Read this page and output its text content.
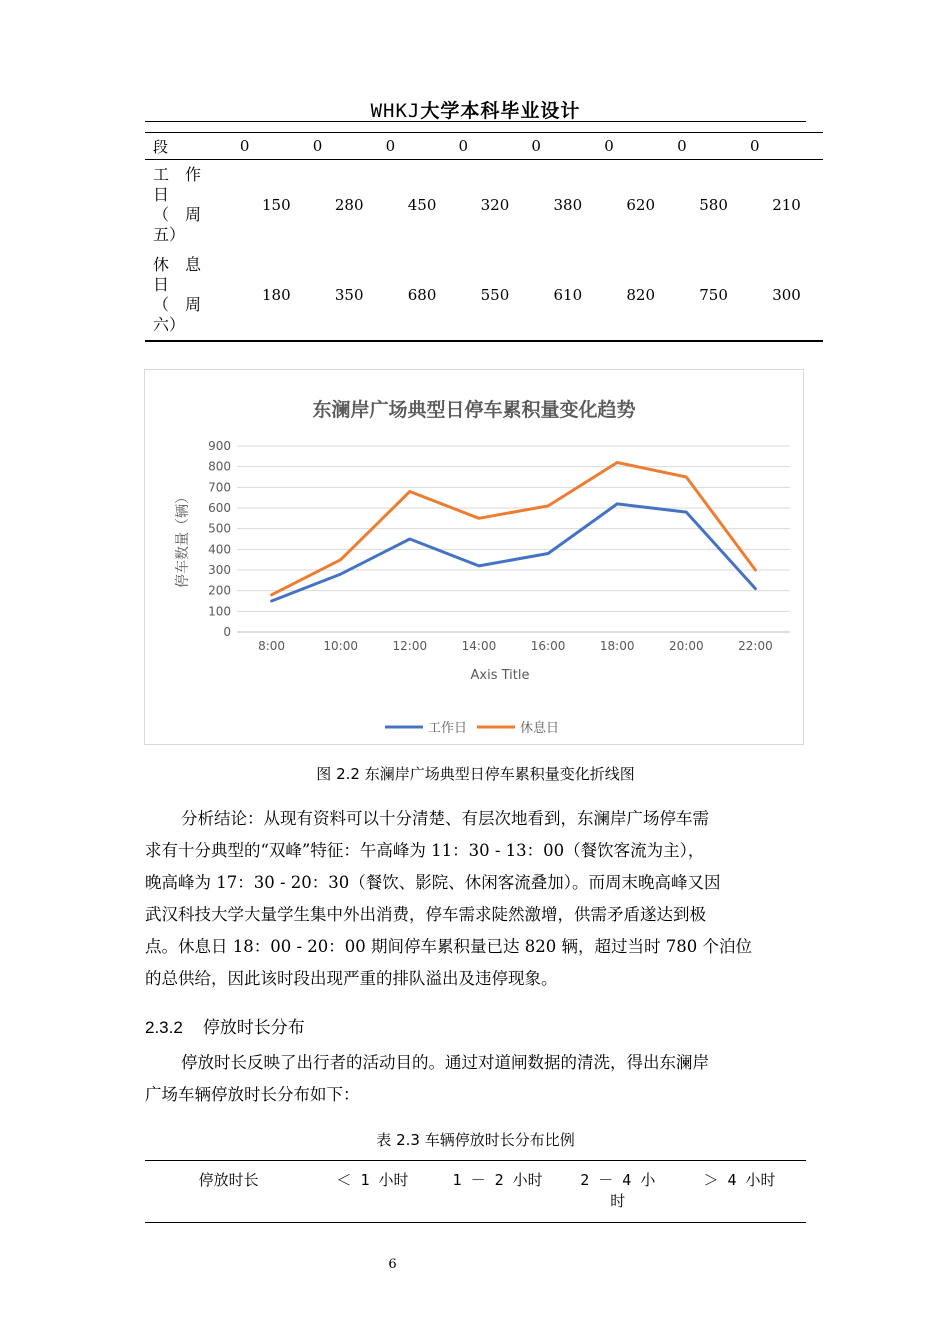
WHKJ大学本科毕业设计
段	0	0	0	0	0	0	0	0

工　作
日
（　周
五）	150	280	450	320	380	620	580	210

休　息
日
（　周
六）	180	350	680	550	610	820	750	300
东澜岸广场典型日停车累积量变化趋势
0
100
200
300
400
500
600
700
800
900
8:00	10:00	12:00	14:00	16:00	18:00	20:00	22:00
Axis Title
停车数量（辆）
工作日	休息日
图 2.2 东澜岸广场典型日停车累积量变化折线图

分析结论：从现有资料可以十分清楚、有层次地看到，东澜岸广场停车需

求有十分典型的“双峰”特征：午高峰为 11：30 - 13：00（餐饮客流为主），

晚高峰为 17：30 - 20：30（餐饮、影院、休闲客流叠加）。而周末晚高峰又因

武汉科技大学大量学生集中外出消费，停车需求陡然激增，供需矛盾遂达到极

点。休息日 18：00 - 20：00 期间停车累积量已达 820 辆，超过当时 780 个泊位

的总供给，因此该时段出现严重的排队溢出及违停现象。

2.3.2 停放时长分布

停放时长反映了出行者的活动目的。通过对道闸数据的清洗，得出东澜岸

广场车辆停放时长分布如下：

表 2.3 车辆停放时长分布比例
停放时长	＜ 1 小时	1 － 2 小时	2 － 4 小
时
	＞ 4 小时
6
